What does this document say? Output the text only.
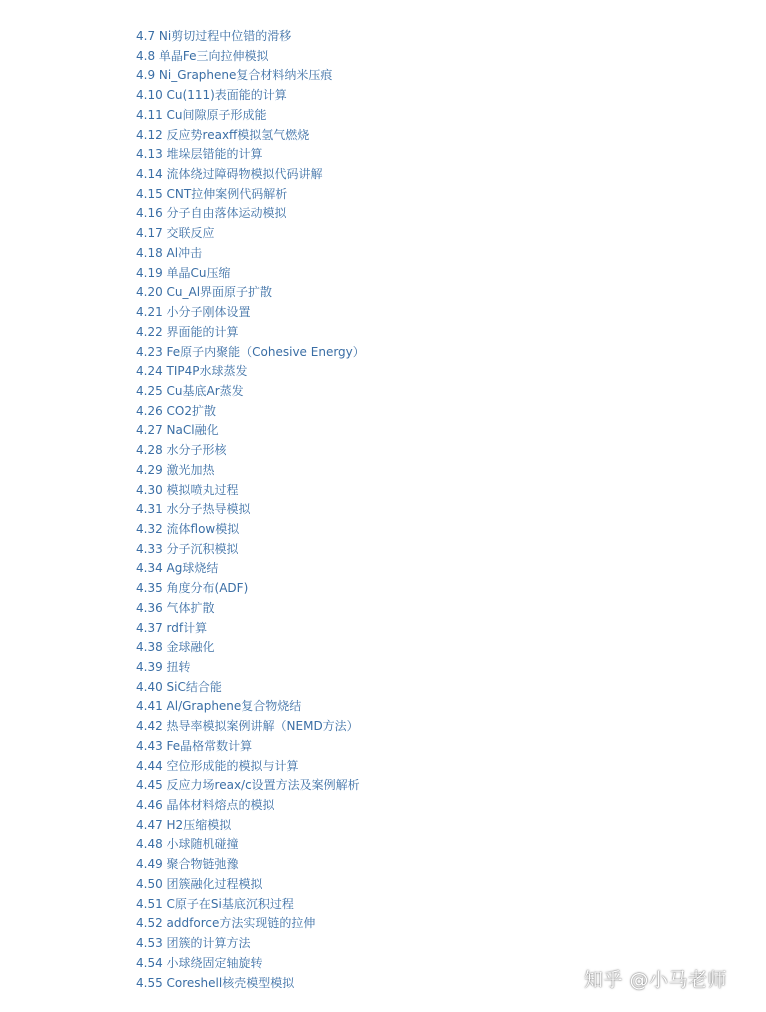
4.7 Ni剪切过程中位错的滑移
4.8 单晶Fe三向拉伸模拟
4.9 Ni_Graphene复合材料纳米压痕
4.10 Cu(111)表面能的计算
4.11 Cu间隙原子形成能
4.12 反应势reaxff模拟氢气燃烧
4.13 堆垛层错能的计算
4.14 流体绕过障碍物模拟代码讲解
4.15 CNT拉伸案例代码解析
4.16 分子自由落体运动模拟
4.17 交联反应
4.18 Al冲击
4.19 单晶Cu压缩
4.20 Cu_Al界面原子扩散
4.21 小分子刚体设置
4.22 界面能的计算
4.23 Fe原子内聚能（Cohesive Energy）
4.24 TIP4P水球蒸发
4.25 Cu基底Ar蒸发
4.26 CO2扩散
4.27 NaCl融化
4.28 水分子形核
4.29 激光加热
4.30 模拟喷丸过程
4.31 水分子热导模拟
4.32 流体flow模拟
4.33 分子沉积模拟
4.34 Ag球烧结
4.35 角度分布(ADF)
4.36 气体扩散
4.37 rdf计算
4.38 金球融化
4.39 扭转
4.40 SiC结合能
4.41 Al/Graphene复合物烧结
4.42 热导率模拟案例讲解（NEMD方法）
4.43 Fe晶格常数计算
4.44 空位形成能的模拟与计算
4.45 反应力场reax/c设置方法及案例解析
4.46 晶体材料熔点的模拟
4.47 H2压缩模拟
4.48 小球随机碰撞
4.49 聚合物链弛豫
4.50 团簇融化过程模拟
4.51 C原子在Si基底沉积过程
4.52 addforce方法实现链的拉伸
4.53 团簇的计算方法
4.54 小球绕固定轴旋转
4.55 Coreshell核壳模型模拟	知乎 @小马老师
